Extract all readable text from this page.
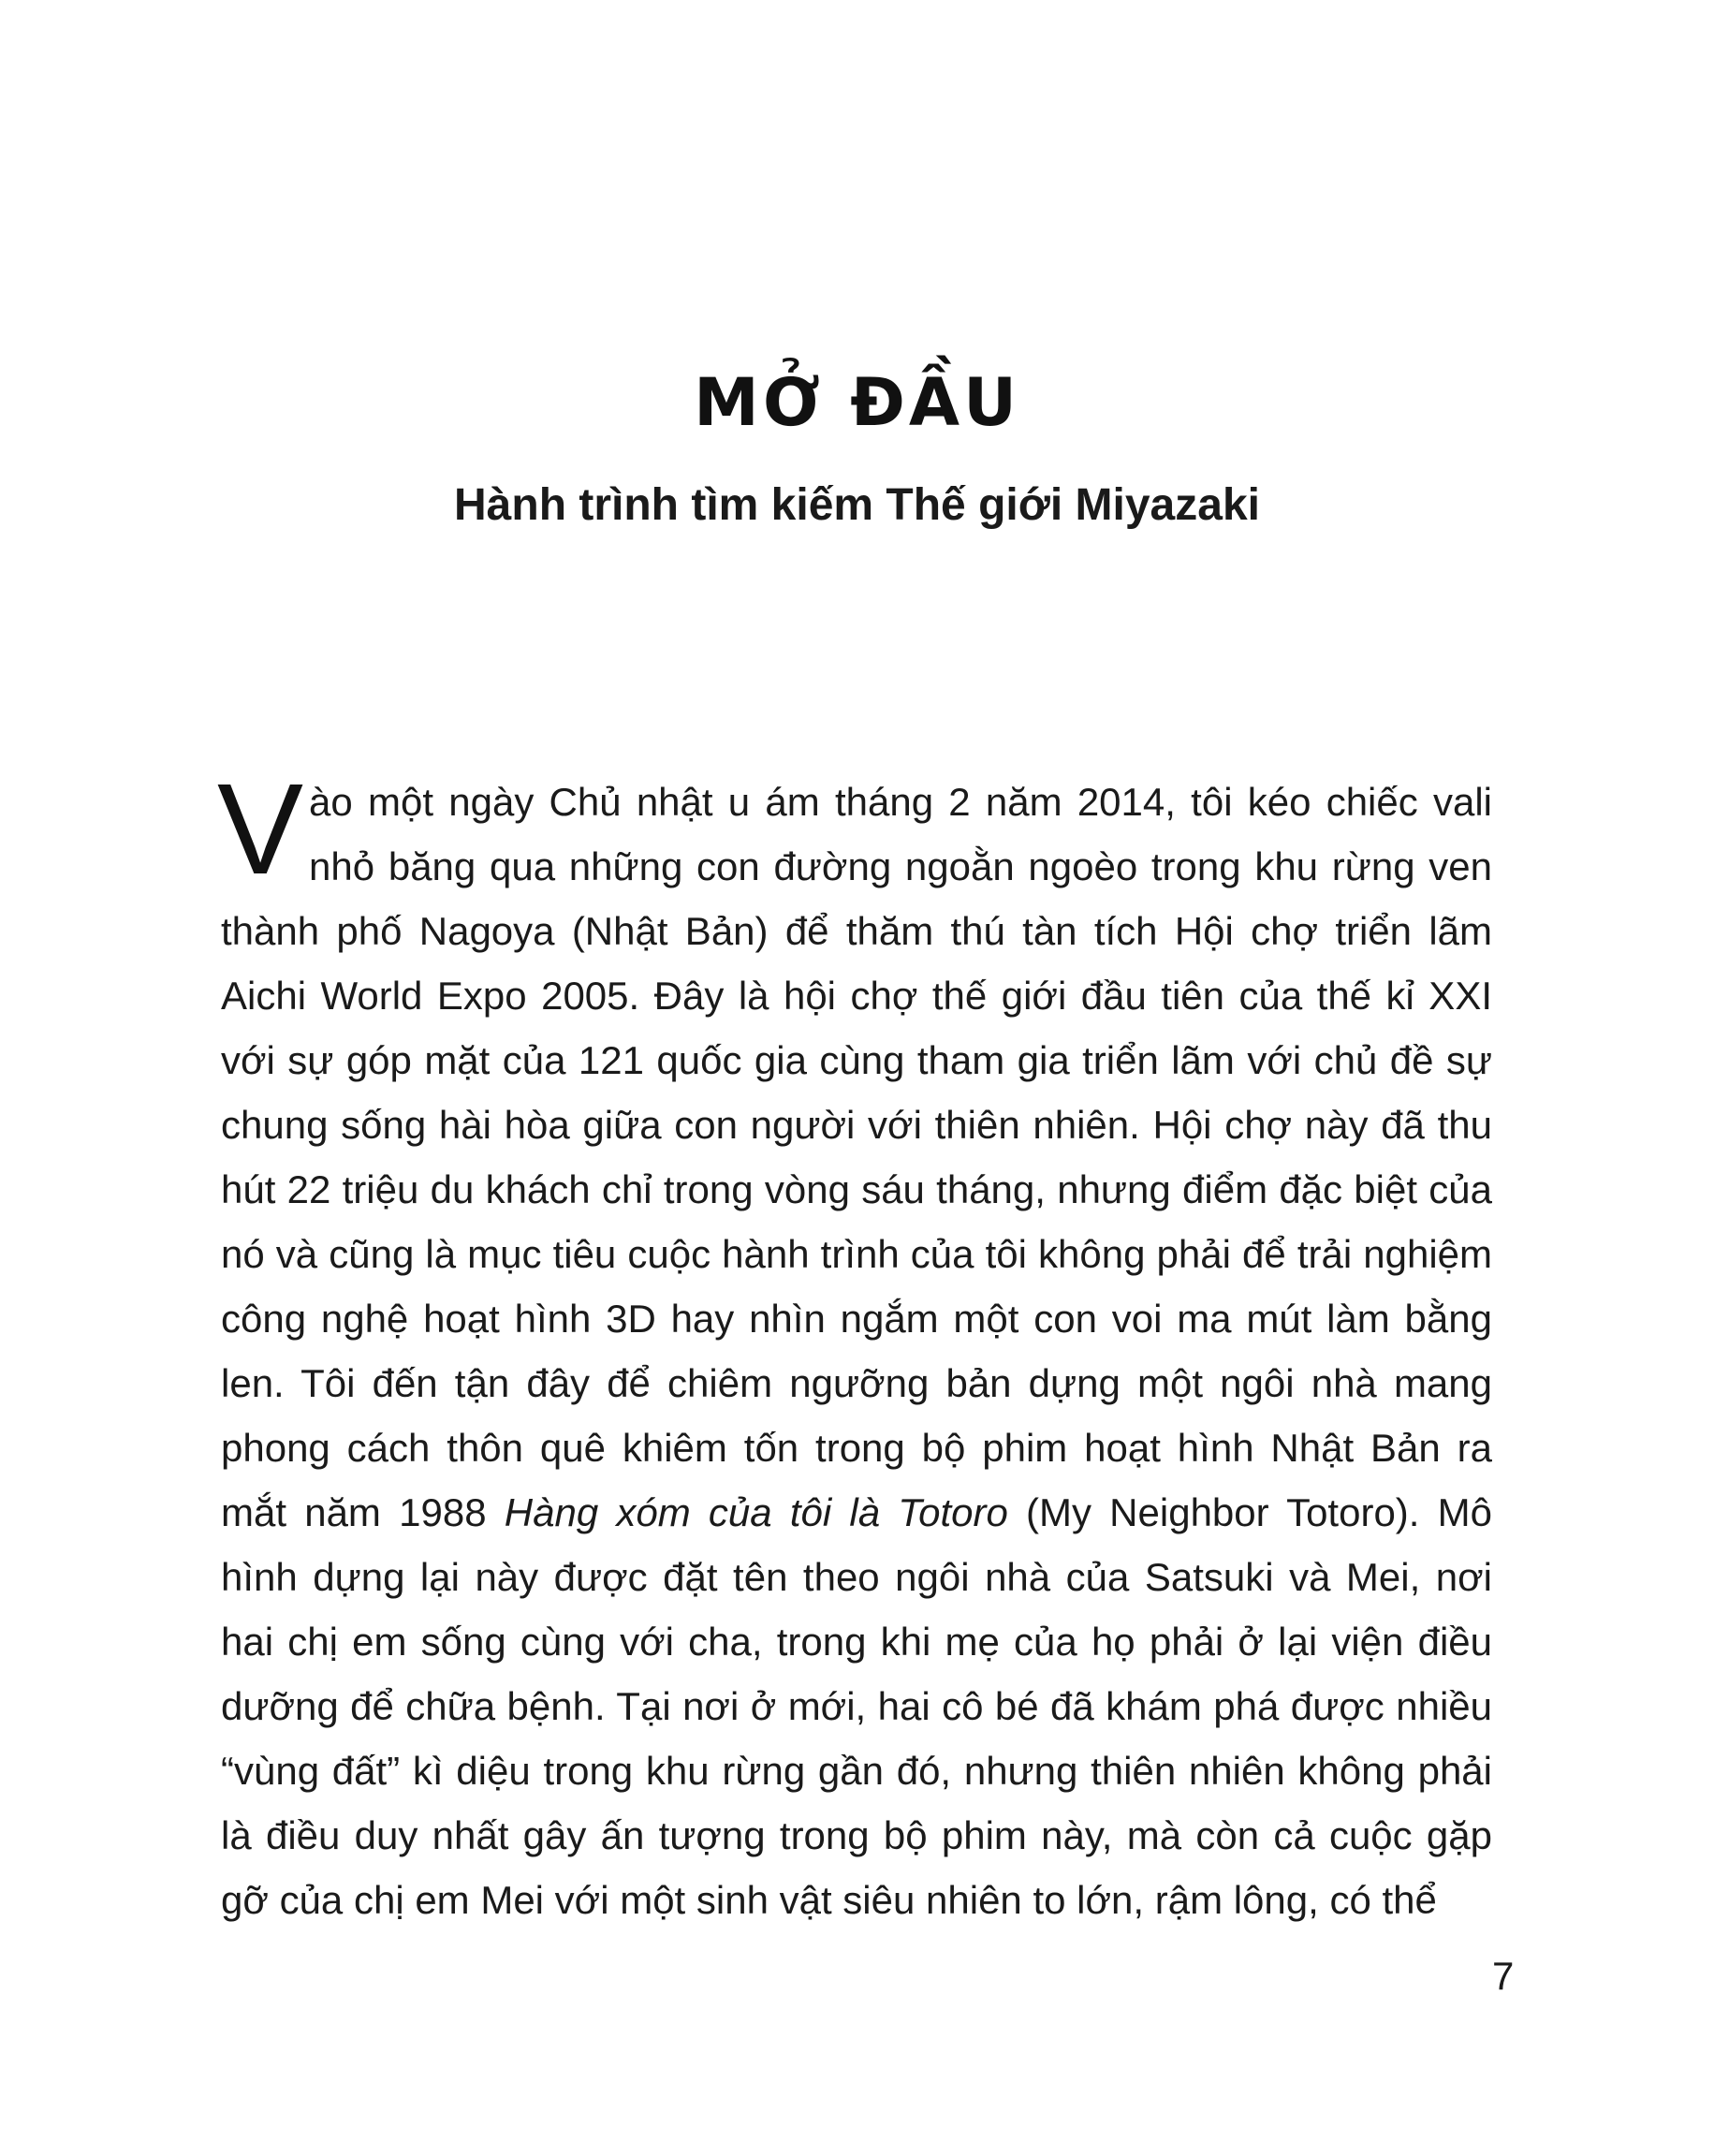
MỞ ĐẦU
Hành trình tìm kiếm Thế giới Miyazaki

Vào một ngày Chủ nhật u ám tháng 2 năm 2014, tôi kéo chiếc vali nhỏ băng qua những con đường ngoằn ngoèo trong khu rừng ven thành phố Nagoya (Nhật Bản) để thăm thú tàn tích Hội chợ triển lãm Aichi World Expo 2005. Đây là hội chợ thế giới đầu tiên của thế kỉ XXI với sự góp mặt của 121 quốc gia cùng tham gia triển lãm với chủ đề sự chung sống hài hòa giữa con người với thiên nhiên. Hội chợ này đã thu hút 22 triệu du khách chỉ trong vòng sáu tháng, nhưng điểm đặc biệt của nó và cũng là mục tiêu cuộc hành trình của tôi không phải để trải nghiệm công nghệ hoạt hình 3D hay nhìn ngắm một con voi ma mút làm bằng len. Tôi đến tận đây để chiêm ngưỡng bản dựng một ngôi nhà mang phong cách thôn quê khiêm tốn trong bộ phim hoạt hình Nhật Bản ra mắt năm 1988 Hàng xóm của tôi là Totoro (My Neighbor Totoro). Mô hình dựng lại này được đặt tên theo ngôi nhà của Satsuki và Mei, nơi hai chị em sống cùng với cha, trong khi mẹ của họ phải ở lại viện điều dưỡng để chữa bệnh. Tại nơi ở mới, hai cô bé đã khám phá được nhiều “vùng đất” kì diệu trong khu rừng gần đó, nhưng thiên nhiên không phải là điều duy nhất gây ấn tượng trong bộ phim này, mà còn cả cuộc gặp gỡ của chị em Mei với một sinh vật siêu nhiên to lớn, rậm lông, có thể

7
